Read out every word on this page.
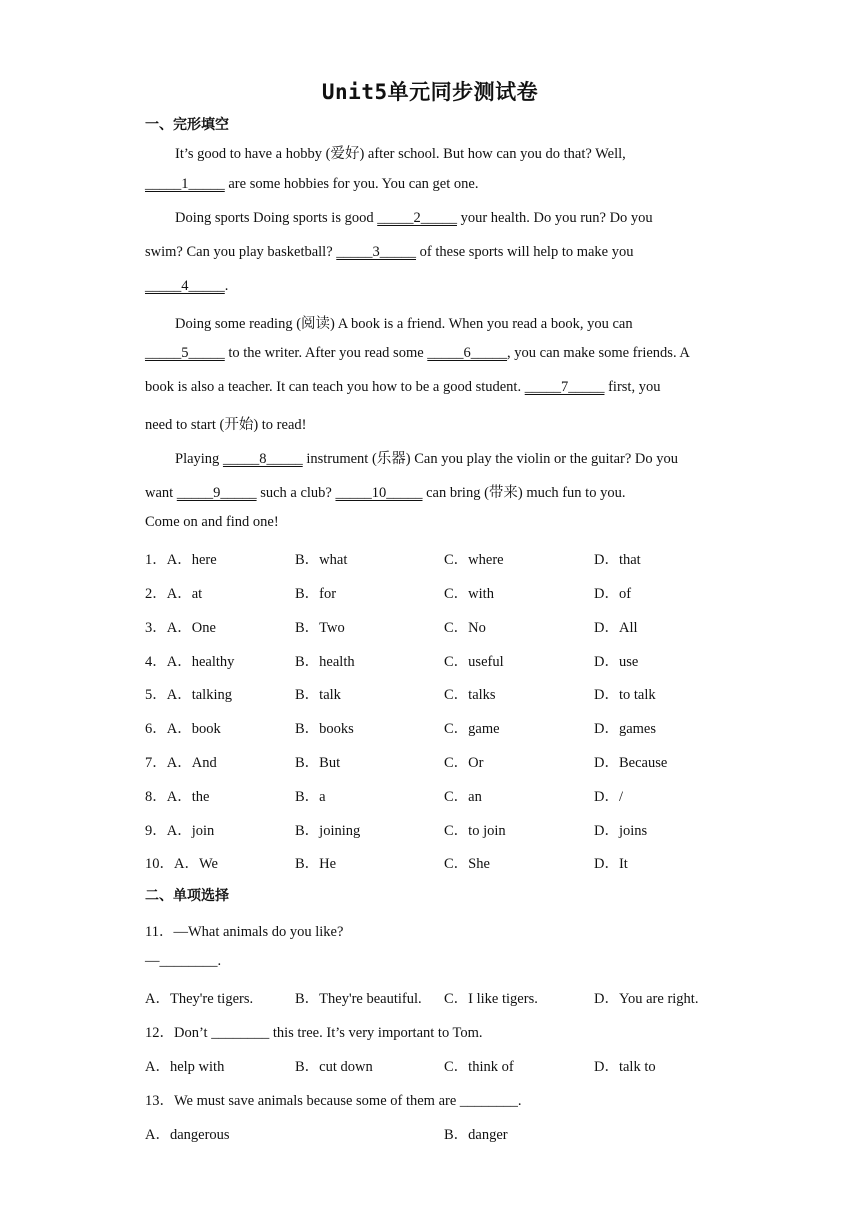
Unit5单元同步测试卷
一、完形填空
It’s good to have a hobby (爱好) after school. But how can you do that? Well,
_____1_____ are some hobbies for you. You can get one.
Doing sports Doing sports is good _____2_____ your health. Do you run? Do you
swim? Can you play basketball? _____3_____ of these sports will help to make you
_____4_____.
Doing some reading (阅读) A book is a friend. When you read a book, you can
_____5_____ to the writer. After you read some _____6_____, you can make some friends. A
book is also a teacher. It can teach you how to be a good student. _____7_____ first, you
need to start (开始) to read!
Playing _____8_____ instrument (乐器) Can you play the violin or the guitar? Do you
want _____9_____ such a club? _____10_____ can bring (带来) much fun to you.
Come on and find one!
1．A．here	B．what	C．where	D．that
2．A．at	B．for	C．with	D．of
3．A．One	B．Two	C．No	D．All
4．A．healthy	B．health	C．useful	D．use
5．A．talking	B．talk	C．talks	D．to talk
6．A．book	B．books	C．game	D．games
7．A．And	B．But	C．Or	D．Because
8．A．the	B．a	C．an	D．/
9．A．join	B．joining	C．to join	D．joins
10．A．We	B．He	C．She	D．It
二、单项选择
11．—What animals do you like?
—________.
A．They're tigers.	B．They're beautiful. C．I like tigers.	D．You are right.
12．Don’t ________ this tree. It’s very important to Tom.
A．help with	B．cut down	C．think of	D．talk to
13．We must save animals because some of them are ________.
A．dangerous	B．danger
